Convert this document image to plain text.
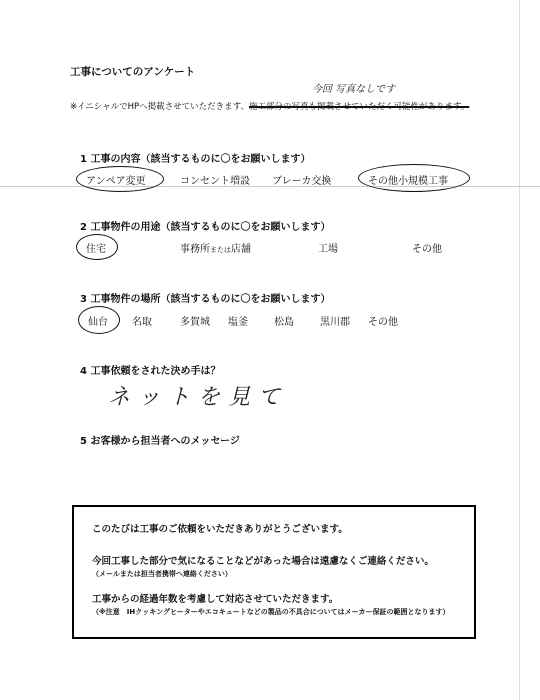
工事についてのアンケート
今回 写真なしです
※イニシャルでHPへ掲載させていただきます、施工部分の写真も掲載させていただく可能性があります。
1 工事の内容（該当するものに〇をお願いします）
アンペア変更	コンセント増設 ブレーカ交換	その他小規模工事
2 工事物件の用途（該当するものに〇をお願いします）
住宅	事務所または店舗	工場	その他
3 工事物件の場所（該当するものに〇をお願いします）
仙台 名取	多賀城 塩釜	松島	黒川郡 その他
4 工事依頼をされた決め手は？
ネットを見て
5 お客様から担当者へのメッセージ
このたびは工事のご依頼をいただきありがとうございます。
今回工事した部分で気になることなどがあった場合は遠慮なくご連絡ください。
（メールまたは担当者携帯へ連絡ください）
工事からの経過年数を考慮して対応させていただきます。
（※注意　IHクッキングヒーターやエコキュートなどの製品の不具合についてはメーカー保証の範囲となります）
